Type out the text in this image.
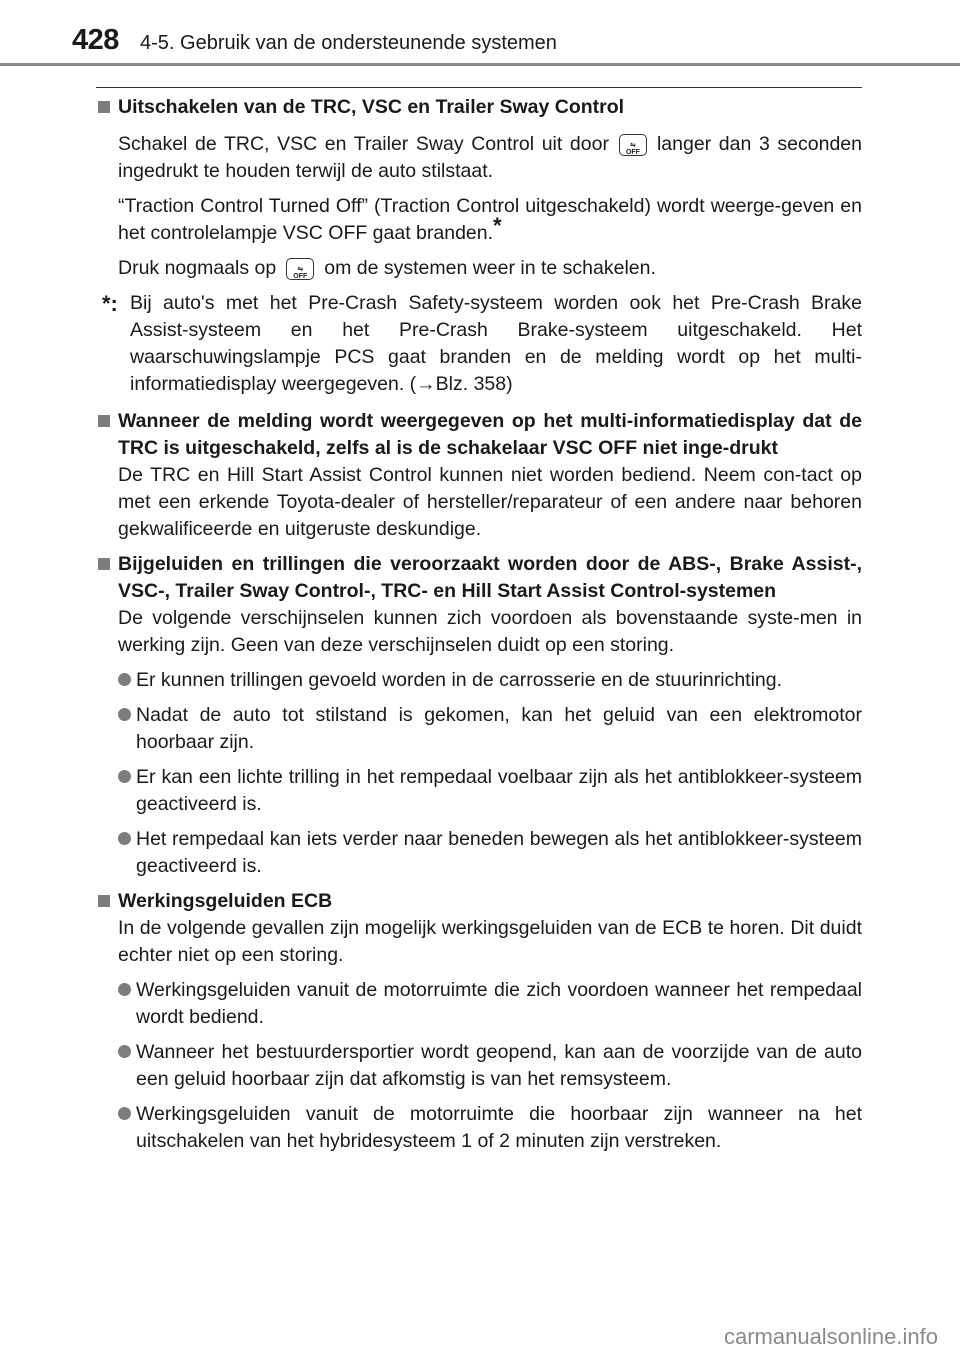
428 4-5. Gebruik van de ondersteunende systemen
Uitschakelen van de TRC, VSC en Trailer Sway Control

Schakel de TRC, VSC en Trailer Sway Control uit door	⇋
OFF langer dan 3 seconden ingedrukt te houden terwijl de auto stilstaat.

“Traction Control Turned Off” (Traction Control uitgeschakeld) wordt weerge-geven en het controlelampje VSC OFF gaat branden.*

Druk nogmaals op	⇋
OFF om de systemen weer in te schakelen.

*: Bij auto's met het Pre-Crash Safety-systeem worden ook het Pre-Crash Brake Assist-systeem en het Pre-Crash Brake-systeem uitgeschakeld. Het waarschuwingslampje PCS gaat branden en de melding wordt op het multi-informatiedisplay weergegeven. (→Blz. 358)

Wanneer de melding wordt weergegeven op het multi-informatiedisplay dat de TRC is uitgeschakeld, zelfs al is de schakelaar VSC OFF niet inge-drukt

De TRC en Hill Start Assist Control kunnen niet worden bediend. Neem con-tact op met een erkende Toyota-dealer of hersteller/reparateur of een andere naar behoren gekwalificeerde en uitgeruste deskundige.

Bijgeluiden en trillingen die veroorzaakt worden door de ABS-, Brake Assist-, VSC-, Trailer Sway Control-, TRC- en Hill Start Assist Control-systemen

De volgende verschijnselen kunnen zich voordoen als bovenstaande syste-men in werking zijn. Geen van deze verschijnselen duidt op een storing.

Er kunnen trillingen gevoeld worden in de carrosserie en de stuurinrichting.

Nadat de auto tot stilstand is gekomen, kan het geluid van een elektromotor hoorbaar zijn.

Er kan een lichte trilling in het rempedaal voelbaar zijn als het antiblokkeer-systeem geactiveerd is.

Het rempedaal kan iets verder naar beneden bewegen als het antiblokkeer-systeem geactiveerd is.

Werkingsgeluiden ECB

In de volgende gevallen zijn mogelijk werkingsgeluiden van de ECB te horen. Dit duidt echter niet op een storing.

Werkingsgeluiden vanuit de motorruimte die zich voordoen wanneer het rempedaal wordt bediend.

Wanneer het bestuurdersportier wordt geopend, kan aan de voorzijde van de auto een geluid hoorbaar zijn dat afkomstig is van het remsysteem.

Werkingsgeluiden vanuit de motorruimte die hoorbaar zijn wanneer na het uitschakelen van het hybridesysteem 1 of 2 minuten zijn verstreken.

carmanualsonline.info
